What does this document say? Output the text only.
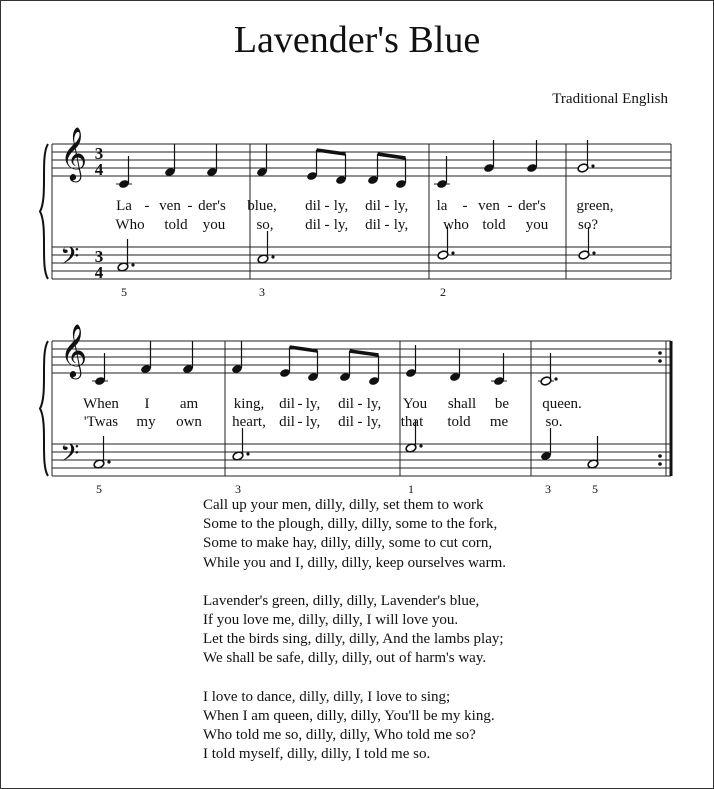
Lavender's Blue
Traditional English
𝄞 3
4
𝄢 3
4
La - ven - der's blue, dil - ly, dil - ly, la - ven - der's green,
Who told you so, dil - ly, dil - ly, who told you so?
5	3	2
𝄞
𝄢
When I am king, dil - ly, dil - ly, You shall be queen.
'Twas my own heart, dil - ly, dil - ly, that told me so.
5	3	1	3	5
Call up your men, dilly, dilly, set them to work
Some to the plough, dilly, dilly, some to the fork,
Some to make hay, dilly, dilly, some to cut corn,
While you and I, dilly, dilly, keep ourselves warm.
Lavender's green, dilly, dilly, Lavender's blue,
If you love me, dilly, dilly, I will love you.
Let the birds sing, dilly, dilly, And the lambs play;
We shall be safe, dilly, dilly, out of harm's way.
I love to dance, dilly, dilly, I love to sing;
When I am queen, dilly, dilly, You'll be my king.
Who told me so, dilly, dilly, Who told me so?
I told myself, dilly, dilly, I told me so.
